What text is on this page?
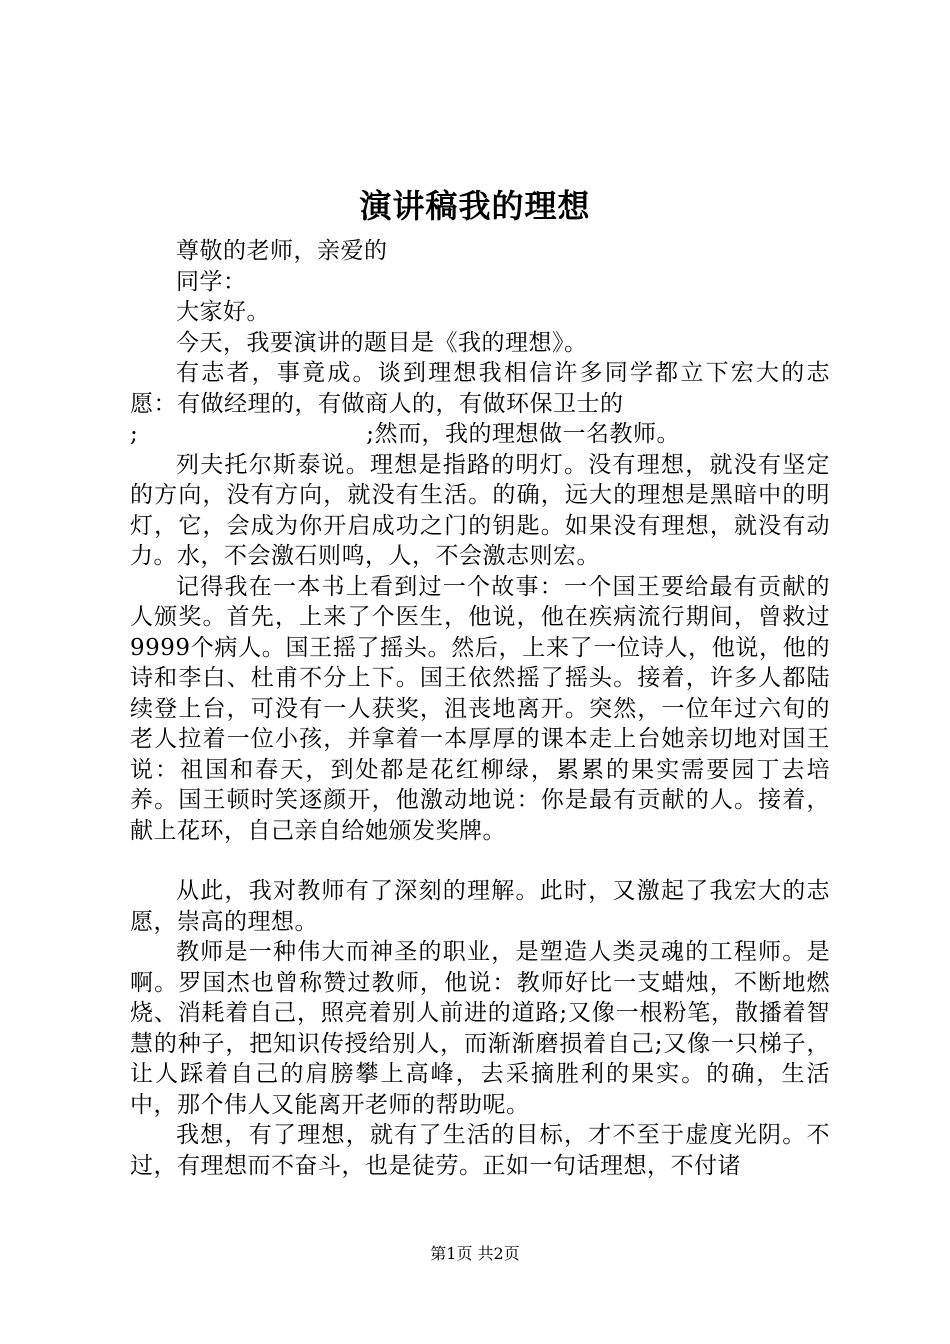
演讲稿我的理想

尊敬的老师，亲爱的

同学：

大家好。

今天，我要演讲的题目是《我的理想》。

有志者，事竟成。谈到理想我相信许多同学都立下宏大的志愿：有做经理的，有做商人的，有做环保卫士的

;	;然而，我的理想做一名教师。

列夫托尔斯泰说。理想是指路的明灯。没有理想，就没有坚定的方向，没有方向，就没有生活。的确，远大的理想是黑暗中的明灯，它，会成为你开启成功之门的钥匙。如果没有理想，就没有动力。水，不会激石则鸣，人，不会激志则宏。

记得我在一本书上看到过一个故事：一个国王要给最有贡献的人颁奖。首先，上来了个医生，他说，他在疾病流行期间，曾救过9999个病人。国王摇了摇头。然后，上来了一位诗人，他说，他的诗和李白、杜甫不分上下。国王依然摇了摇头。接着，许多人都陆续登上台，可没有一人获奖，沮丧地离开。突然，一位年过六旬的老人拉着一位小孩，并拿着一本厚厚的课本走上台她亲切地对国王说：祖国和春天，到处都是花红柳绿，累累的果实需要园丁去培养。国王顿时笑逐颜开，他激动地说：你是最有贡献的人。接着，献上花环，自己亲自给她颁发奖牌。

从此，我对教师有了深刻的理解。此时，又激起了我宏大的志愿，崇高的理想。

教师是一种伟大而神圣的职业，是塑造人类灵魂的工程师。是啊。罗国杰也曾称赞过教师，他说：教师好比一支蜡烛，不断地燃烧、消耗着自己，照亮着别人前进的道路;又像一根粉笔，散播着智慧的种子，把知识传授给别人，而渐渐磨损着自己;又像一只梯子，让人踩着自己的肩膀攀上高峰，去采摘胜利的果实。的确，生活中，那个伟人又能离开老师的帮助呢。

我想，有了理想，就有了生活的目标，才不至于虚度光阴。不过，有理想而不奋斗，也是徒劳。正如一句话理想，不付诸

第1页 共2页
